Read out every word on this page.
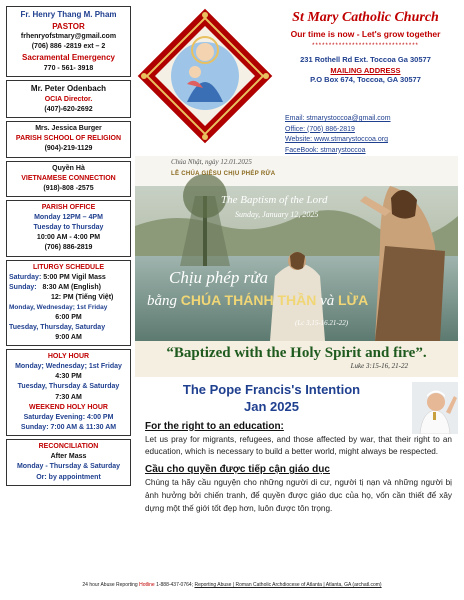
Fr. Henry Thang M. Pham
PASTOR
frhenryofstmary@gmail.com
(706) 886 -2819 ext – 2
Sacramental Emergency
770 - 561- 3918
Mr. Peter Odenbach
OCIA Director.
(407)-620-2692
Mrs. Jessica Burger
PARISH SCHOOL OF RELIGION
(904)-219-1129
Quyền Hà
VIETNAMESE CONNECTION
(918)-808 -2575
PARISH OFFICE
Monday 12PM – 4PM
Tuesday to Thursday
10:00 AM - 4:00 PM
(706) 886-2819
LITURGY SCHEDULE
Saturday: 5:00 PM Vigil Mass
Sunday: 8:30 AM (English)
12: PM (Tiếng Việt)
Monday, Wednesday; 1st Friday
6:00 PM
Tuesday, Thursday, Saturday
9:00 AM
HOLY HOUR
Monday; Wednesday; 1st Friday
4:30 PM
Tuesday, Thursday & Saturday
7:30 AM
WEEKEND HOLY HOUR
Saturday Evening: 4:00 PM
Sunday: 7:00 AM & 11:30 AM
RECONCILIATION
After Mass
Monday - Thursday & Saturday
Or: by appointment
St Mary Catholic Church
Our time is now - Let's grow together
********************************
231 Rothell Rd Ext. Toccoa Ga 30577
MAILING ADDRESS
P.O Box 674, Toccoa, GA 30577
Email: stmarystoccoa@gmail.com
Office: (706) 886-2819
Website: www.stmarystoccoa.org
FaceBook: stmarystoccoa
Chúa Nhật, ngày 12.01.2025
LỄ CHÚA GIÊSU CHỊU PHÉP RỬA
The Baptism of the Lord
Sunday, January 12, 2025
Chịu phép rửa
bằng CHÚA THÁNH THẦN và LỪA
(Lc 3,15-16.21-22)
“Baptized with the Holy Spirit and fire”.
Luke 3:15-16, 21-22
The Pope Francis's Intention
Jan 2025
For the right to an education:
Let us pray for migrants, refugees, and those affected by war, that their right to an education, which is necessary to build a better world, might always be respected.
Cầu cho quyền được tiếp cận giáo dục
Chúng ta hãy cầu nguyện cho những người di cư, người tị nạn và những người bị ảnh hưởng bởi chiến tranh, để quyền được giáo dục của họ, vốn cần thiết để xây dựng một thế giới tốt đẹp hơn, luôn được tôn trọng.
24 hour Abuse Reporting Hotline 1-888-437-0764; Reporting Abuse | Roman Catholic Archdiocese of Atlanta | Atlanta, GA (archatl.com)
